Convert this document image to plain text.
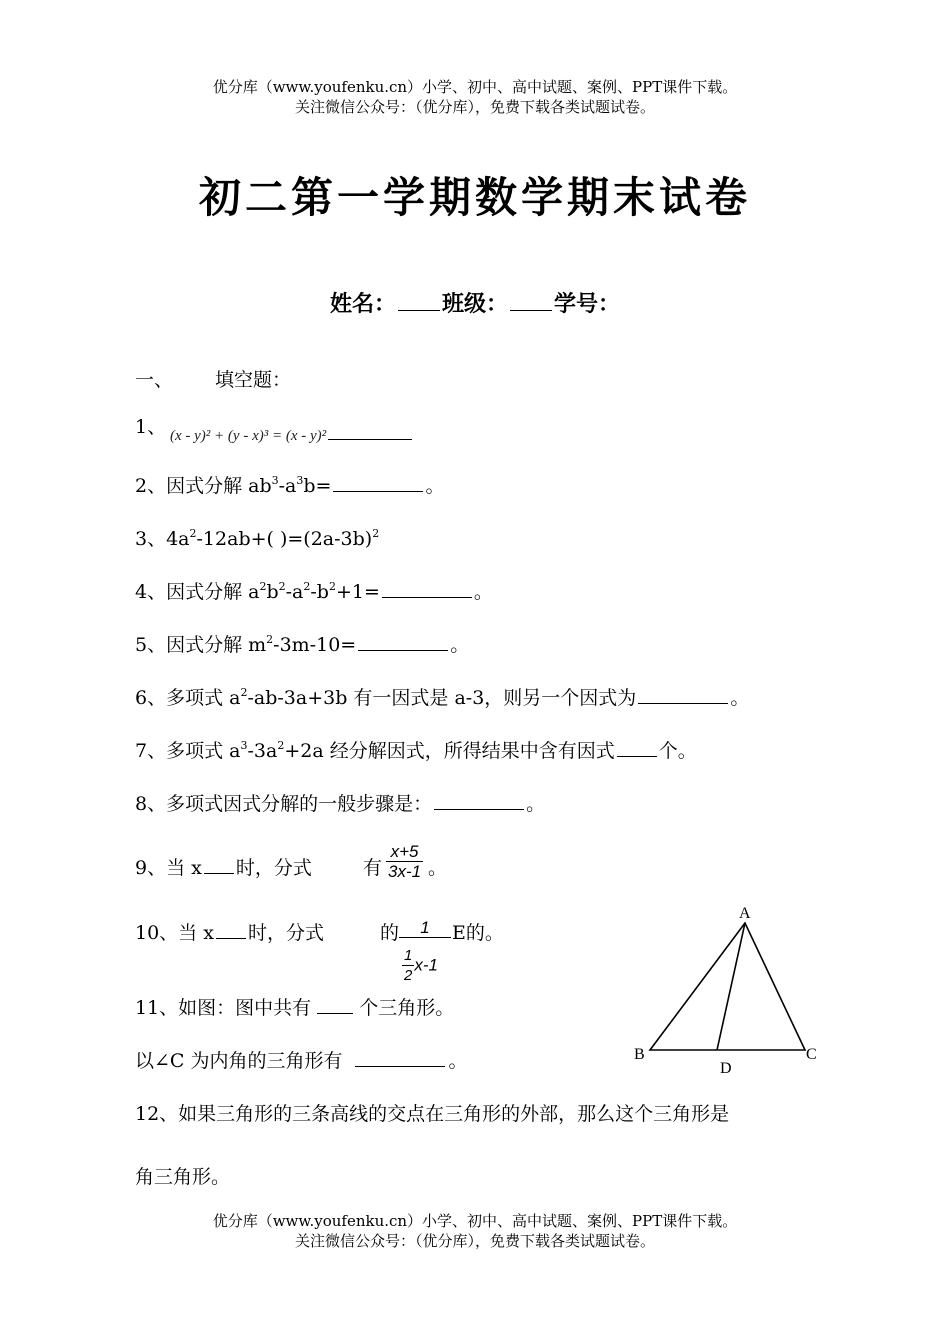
优分库（www.youfenku.cn）小学、初中、高中试题、案例、PPT课件下载。
关注微信公众号：（优分库），免费下载各类试题试卷。
初二第一学期数学期末试卷
姓名： 班级： 学号：
一、 填空题：
1、 (x - y)² + (y - x)³ = (x - y)²
2、因式分解 $ab^3-a^3b=$	。
3、$4a^2-12ab+$( )$=(2a-3b)^2$
4、因式分解 $a^2b^2-a^2-b^2+1=$	。
5、因式分解 $m^2-3m-10=$	。
6、多项式 $a^2-ab-3a+3b$ 有一因式是 a-3，则另一个因式为	。
7、多项式 $a^3-3a^2+2a$ 经分解因式，所得结果中含有因式 个。
8、多项式因式分解的一般步骤是：	。
9、当 x 时，分式	有 $\frac{x+5}{3x-1}$ 。
10、当 x 时，分式	的	1
$\frac{1}{2} x-1$
E的。
11、如图：图中共有	个三角形。
以∠C 为内角的三角形有	。
12、如果三角形的三条高线的交点在三角形的外部，那么这个三角形是
角三角形。
A
B	C
D
优分库（www.youfenku.cn）小学、初中、高中试题、案例、PPT课件下载。
关注微信公众号：（优分库），免费下载各类试题试卷。
